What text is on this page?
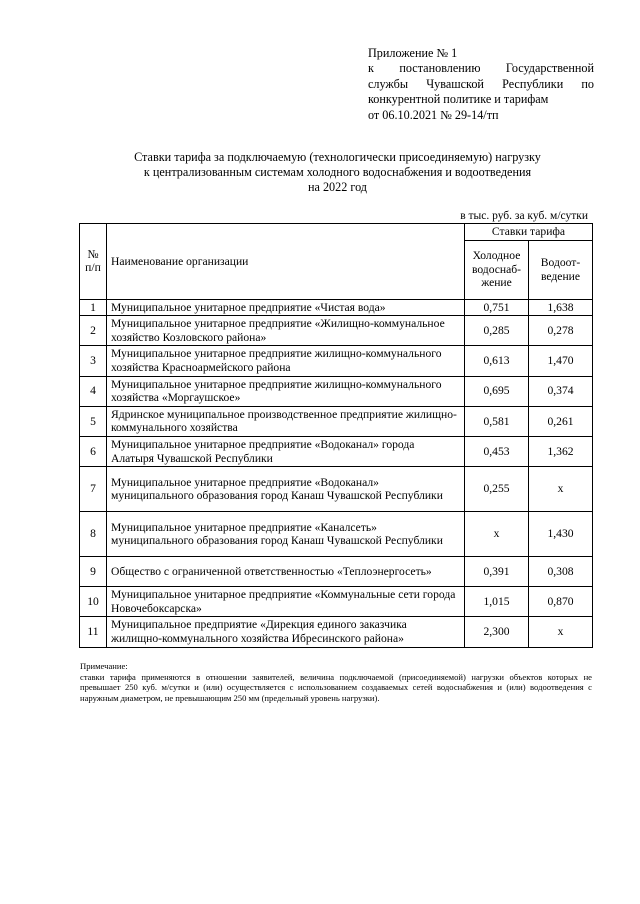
Приложение № 1
к постановлению Государственной
службы Чувашской Республики по
конкурентной политике и тарифам
от 06.10.2021 № 29-14/тп
Ставки тарифа за подключаемую (технологически присоединяемую) нагрузку
к централизованным системам холодного водоснабжения и водоотведения
на 2022 год
в тыс. руб. за куб. м/сутки
№ п/п	Наименование организации	Ставки тарифа	
		Холодное водоснаб-жение	Водоот-ведение
1	Муниципальное унитарное предприятие «Чистая вода»	0,751	1,638
2	Муниципальное унитарное предприятие «Жилищно-коммунальное хозяйство Козловского района»	0,285	0,278
3	Муниципальное унитарное предприятие жилищно-коммунального хозяйства Красноармейского района	0,613	1,470
4	Муниципальное унитарное предприятие жилищно-коммунального хозяйства «Моргаушское»	0,695	0,374
5	Ядринское муниципальное производственное предприятие жилищно-коммунального хозяйства	0,581	0,261
6	Муниципальное унитарное предприятие «Водоканал» города Алатыря Чувашской Республики	0,453	1,362
7	Муниципальное унитарное предприятие «Водоканал» муниципального образования город Канаш Чувашской Республики	0,255	х
8	Муниципальное унитарное предприятие «Каналсеть» муниципального образования город Канаш Чувашской Республики	х	1,430
9	Общество с ограниченной ответственностью «Теплоэнергосеть»	0,391	0,308
10	Муниципальное унитарное предприятие «Коммунальные сети города Новочебоксарска»	1,015	0,870
11	Муниципальное предприятие «Дирекция единого заказчика жилищно-коммунального хозяйства Ибресинского района»	2,300	х

Примечание:

ставки тарифа применяются в отношении заявителей, величина подключаемой (присоединяемой) нагрузки объектов которых не превышает 250 куб. м/сутки и (или) осуществляется с использованием создаваемых сетей водоснабжения и (или) водоотведения с наружным диаметром, не превышающим 250 мм (предельный уровень нагрузки).
